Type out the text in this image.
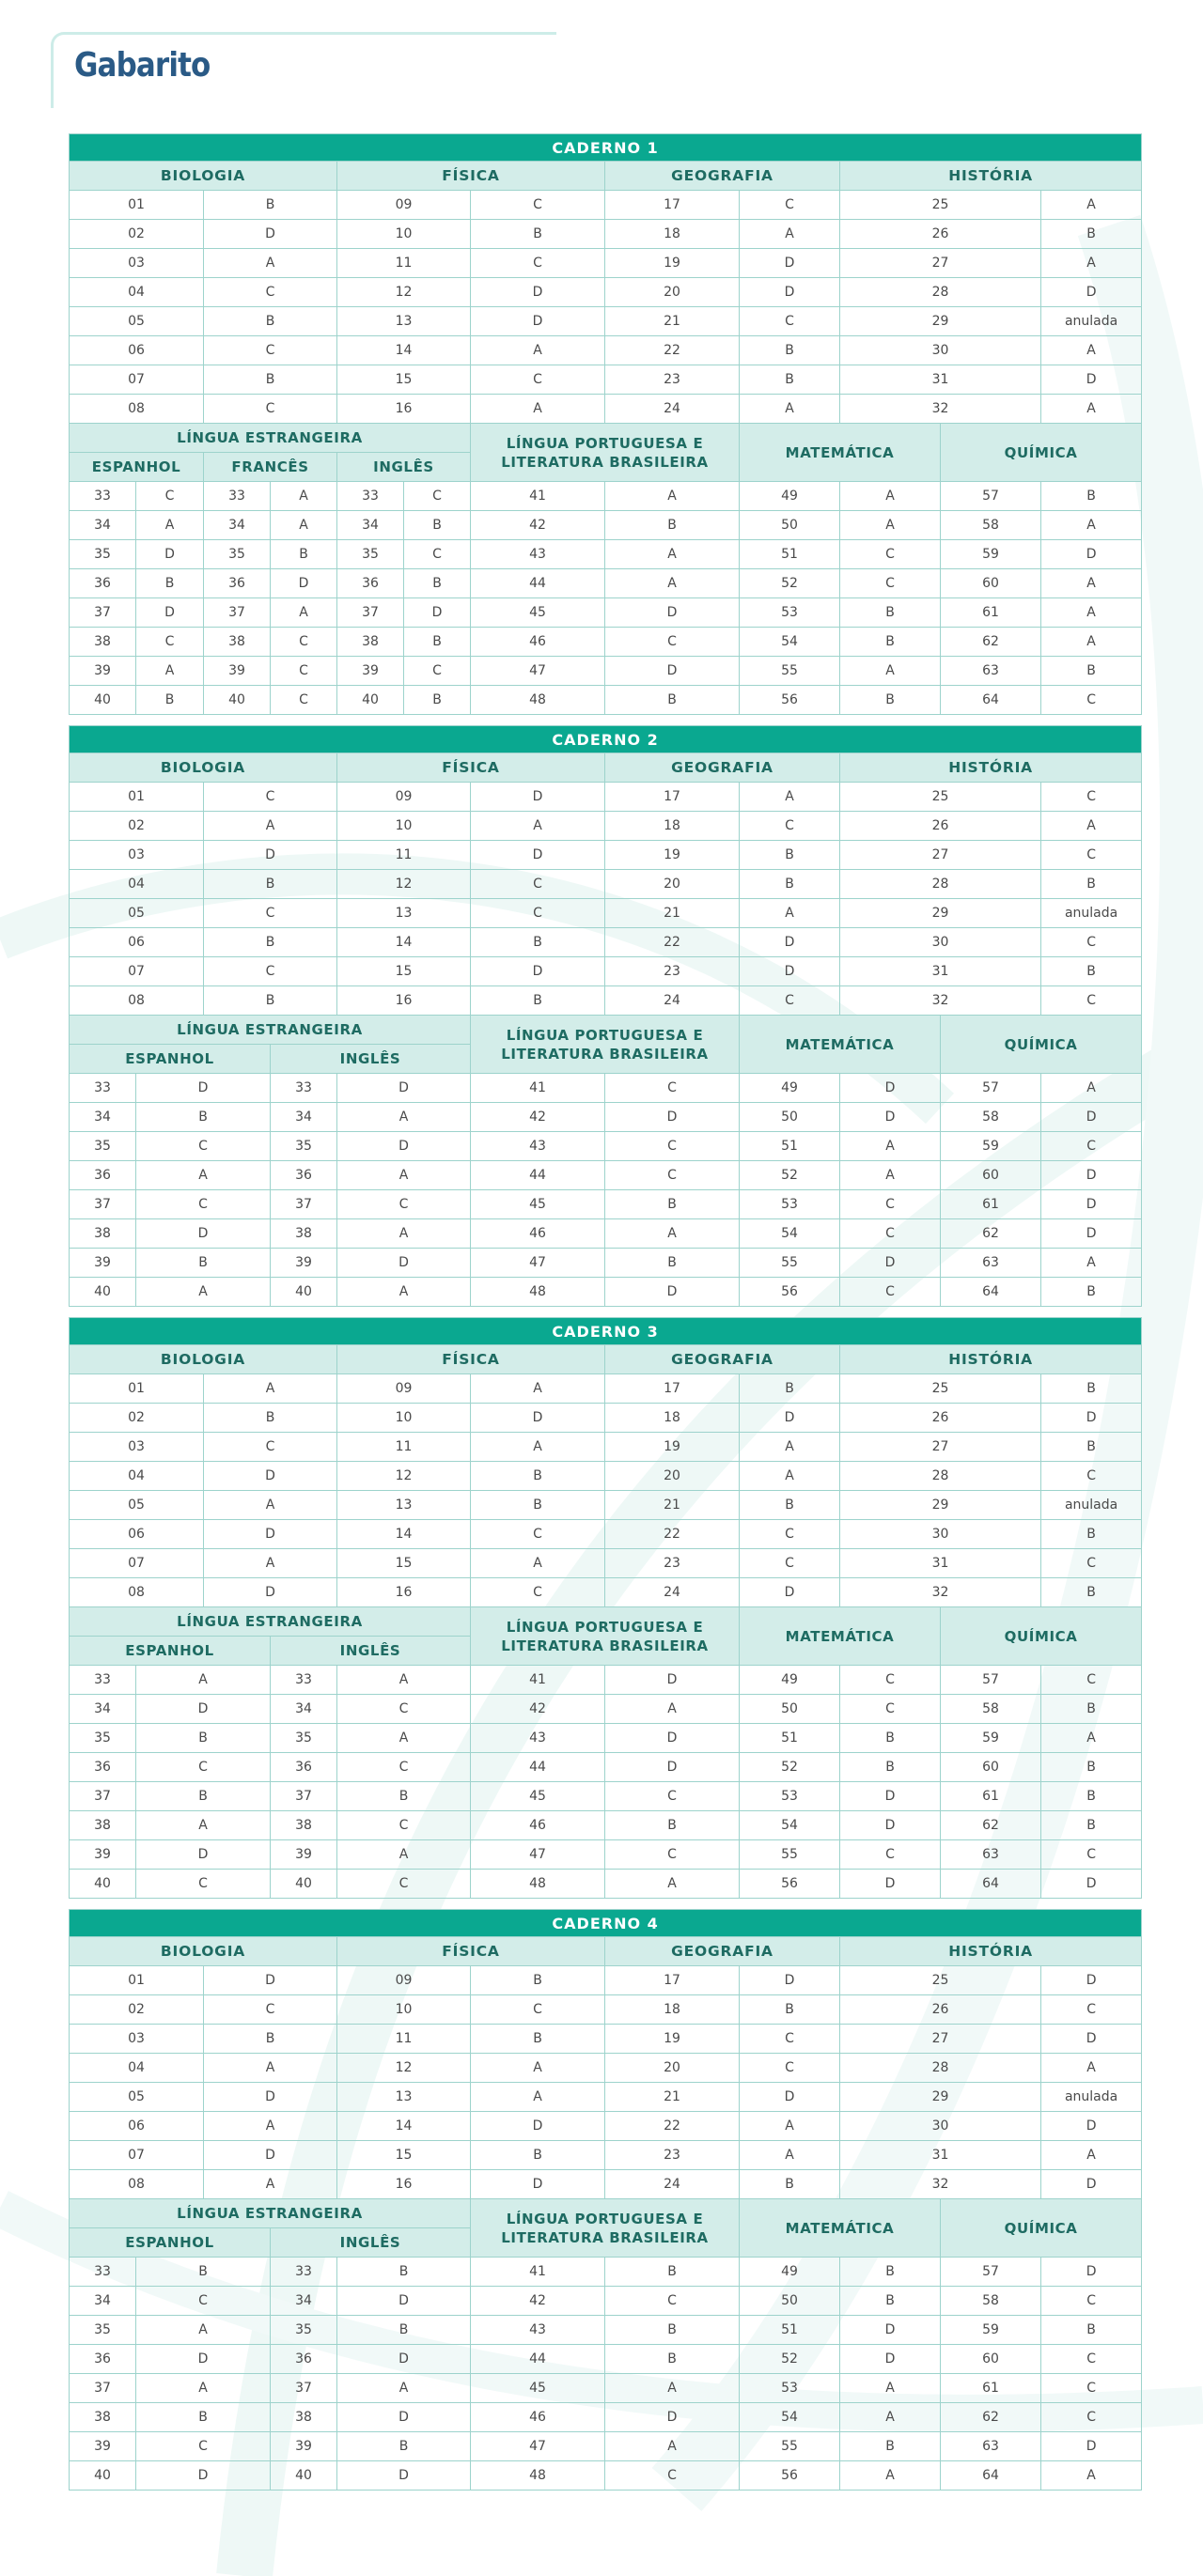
Gabarito
CADERNO 1											
BIOLOGIA				FÍSICA			GEOGRAFIA		HISTÓRIA		
01		B		09		C	17	C	25		A
02		D		10		B	18	A	26		B
03		A		11		C	19	D	27		A
04		C		12		D	20	D	28		D
05		B		13		D	21	C	29		anulada
06		C		14		A	22	B	30		A
07		B		15		C	23	B	31		D
08		C		16		A	24	A	32		A
LÍNGUA ESTRANGEIRA						LÍNGUA PORTUGUESA E
LITERATURA BRASILEIRA		MATEMÁTICA		QUÍMICA	
ESPANHOL		FRANCÊS		INGLÊS							
33	C	33	A	33	C	41	A	49	A	57	B
34	A	34	A	34	B	42	B	50	A	58	A
35	D	35	B	35	C	43	A	51	C	59	D
36	B	36	D	36	B	44	A	52	C	60	A
37	D	37	A	37	D	45	D	53	B	61	A
38	C	38	C	38	B	46	C	54	B	62	A
39	A	39	C	39	C	47	D	55	A	63	B
40	B	40	C	40	B	48	B	56	B	64	C
CADERNO 2										
BIOLOGIA				FÍSICA		GEOGRAFIA		HISTÓRIA		
01		C		09	D	17	A	25		C
02		A		10	A	18	C	26		A
03		D		11	D	19	B	27		C
04		B		12	C	20	B	28		B
05		C		13	C	21	A	29		anulada
06		B		14	B	22	D	30		C
07		C		15	D	23	D	31		B
08		B		16	B	24	C	32		C
LÍNGUA ESTRANGEIRA					LÍNGUA PORTUGUESA E
LITERATURA BRASILEIRA		MATEMÁTICA		QUÍMICA	
ESPANHOL			INGLÊS							
33	D		33	D	41	C	49	D	57	A
34	B		34	A	42	D	50	D	58	D
35	C		35	D	43	C	51	A	59	C
36	A		36	A	44	C	52	A	60	D
37	C		37	C	45	B	53	C	61	D
38	D		38	A	46	A	54	C	62	D
39	B		39	D	47	B	55	D	63	A
40	A		40	A	48	D	56	C	64	B
CADERNO 3										
BIOLOGIA				FÍSICA		GEOGRAFIA		HISTÓRIA		
01		A		09	A	17	B	25		B
02		B		10	D	18	D	26		D
03		C		11	A	19	A	27		B
04		D		12	B	20	A	28		C
05		A		13	B	21	B	29		anulada
06		D		14	C	22	C	30		B
07		A		15	A	23	C	31		C
08		D		16	C	24	D	32		B
LÍNGUA ESTRANGEIRA					LÍNGUA PORTUGUESA E
LITERATURA BRASILEIRA		MATEMÁTICA		QUÍMICA	
ESPANHOL			INGLÊS							
33	A		33	A	41	D	49	C	57	C
34	D		34	C	42	A	50	C	58	B
35	B		35	A	43	D	51	B	59	A
36	C		36	C	44	D	52	B	60	B
37	B		37	B	45	C	53	D	61	B
38	A		38	C	46	B	54	D	62	B
39	D		39	A	47	C	55	C	63	C
40	C		40	C	48	A	56	D	64	D
CADERNO 4										
BIOLOGIA				FÍSICA		GEOGRAFIA		HISTÓRIA		
01		D		09	B	17	D	25		D
02		C		10	C	18	B	26		C
03		B		11	B	19	C	27		D
04		A		12	A	20	C	28		A
05		D		13	A	21	D	29		anulada
06		A		14	D	22	A	30		D
07		D		15	B	23	A	31		A
08		A		16	D	24	B	32		D
LÍNGUA ESTRANGEIRA					LÍNGUA PORTUGUESA E
LITERATURA BRASILEIRA		MATEMÁTICA		QUÍMICA	
ESPANHOL			INGLÊS							
33	B		33	B	41	B	49	B	57	D
34	C		34	D	42	C	50	B	58	C
35	A		35	B	43	B	51	D	59	B
36	D		36	D	44	B	52	D	60	C
37	A		37	A	45	A	53	A	61	C
38	B		38	D	46	D	54	A	62	C
39	C		39	B	47	A	55	B	63	D
40	D		40	D	48	C	56	A	64	A
